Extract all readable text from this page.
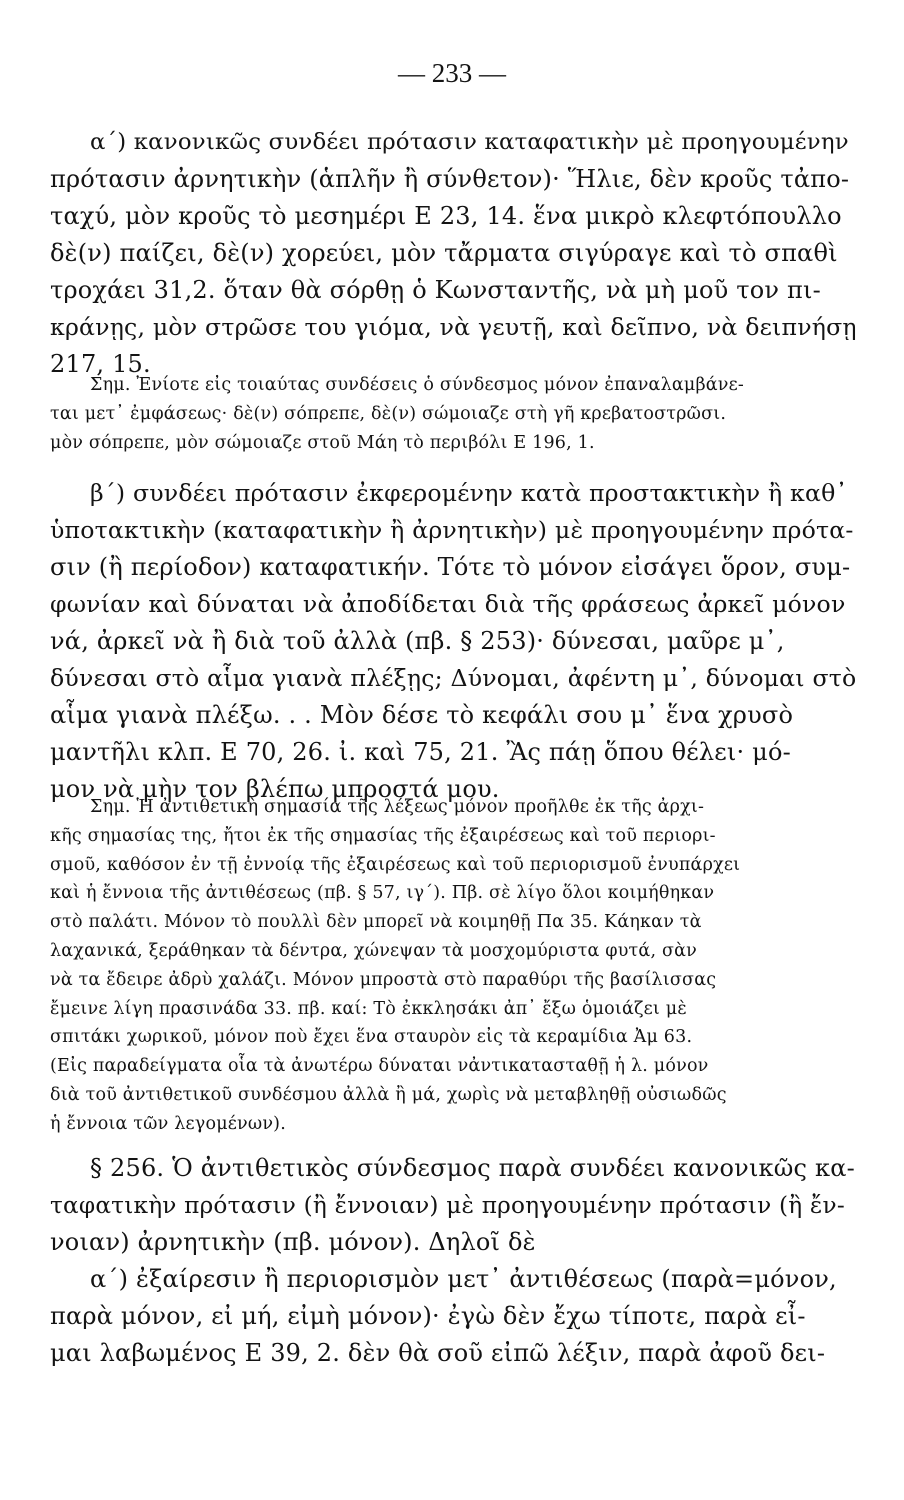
— 233 —
α΄) κανονικῶς συνδέει πρότασιν καταφατικὴν μὲ προηγουμένην
πρότασιν ἀρνητικὴν (ἁπλῆν ἢ σύνθετον)· Ἥλιε, δὲν κροῦς τἀπο-
ταχύ, μὸν κροῦς τὸ μεσημέρι Ε 23, 14. ἕνα μικρὸ κλεφτόπουλλο
δὲ(ν) παίζει, δὲ(ν) χορεύει, μὸν τἄρματα σιγύραγε καὶ τὸ σπαθὶ
τροχάει 31,2. ὅταν θὰ σόρθῃ ὁ Κωνσταντῆς, νὰ μὴ μοῦ τον πι-
κράνῃς, μὸν στρῶσε του γιόμα, νὰ γευτῇ, καὶ δεῖπνο, νὰ δειπνήσῃ
217, 15.
Σημ. Ἐνίοτε εἰς τοιαύτας συνδέσεις ὁ σύνδεσμος μόνον ἐπαναλαμβάνε-
ται μετ᾿ ἐμφάσεως· δὲ(ν) σόπρεπε, δὲ(ν) σώμοιαζε στὴ γῆ κρεβατοστρῶσι.
μὸν σόπρεπε, μὸν σώμοιαζε στοῦ Μάη τὸ περιβόλι Ε 196, 1.
β΄) συνδέει πρότασιν ἐκφερομένην κατὰ προστακτικὴν ἢ καθ᾿
ὑποτακτικὴν (καταφατικὴν ἢ ἀρνητικὴν) μὲ προηγουμένην πρότα-
σιν (ἢ περίοδον) καταφατικήν. Τότε τὸ μόνον εἰσάγει ὅρον, συμ-
φωνίαν καὶ δύναται νὰ ἀποδίδεται διὰ τῆς φράσεως ἀρκεῖ μόνον
νά, ἀρκεῖ νὰ ἢ διὰ τοῦ ἀλλὰ (πβ. § 253)· δύνεσαι, μαῦρε μ᾿,
δύνεσαι στὸ αἷμα γιανὰ πλέξῃς; Δύνομαι, ἀφέντη μ᾿, δύνομαι στὸ
αἷμα γιανὰ πλέξω. . . Μὸν δέσε τὸ κεφάλι σου μ᾿ ἕνα χρυσὸ
μαντῆλι κλπ. Ε 70, 26. ἰ. καὶ 75, 21. Ἂς πάῃ ὅπου θέλει· μό-
μον νὰ μὴν τον βλέπω μπροστά μου.
Σημ. Ἡ ἀντιθετικὴ σημασία τῆς λέξεως μόνον προῆλθε ἐκ τῆς ἀρχι-
κῆς σημασίας της, ἤτοι ἐκ τῆς σημασίας τῆς ἐξαιρέσεως καὶ τοῦ περιορι-
σμοῦ, καθόσον ἐν τῇ ἐννοίᾳ τῆς ἐξαιρέσεως καὶ τοῦ περιορισμοῦ ἐνυπάρχει
καὶ ἡ ἔννοια τῆς ἀντιθέσεως (πβ. § 57, ιγ΄). Πβ. σὲ λίγο ὅλοι κοιμήθηκαν
στὸ παλάτι. Μόνον τὸ πουλλὶ δὲν μπορεῖ νὰ κοιμηθῇ Πα 35. Κάηκαν τὰ
λαχανικά, ξεράθηκαν τὰ δέντρα, χώνεψαν τὰ μοσχομύριστα φυτά, σὰν
νὰ τα ἔδειρε ἀδρὺ χαλάζι. Μόνον μπροστὰ στὸ παραθύρι τῆς βασίλισσας
ἔμεινε λίγη πρασινάδα 33. πβ. καί: Τὸ ἐκκλησάκι ἀπ᾿ ἔξω ὁμοιάζει μὲ
σπιτάκι χωρικοῦ, μόνον ποὺ ἔχει ἕνα σταυρὸν εἰς τὰ κεραμίδια Ἀμ 63.
(Εἰς παραδείγματα οἷα τὰ ἀνωτέρω δύναται νἀντικατασταθῇ ἡ λ. μόνον
διὰ τοῦ ἀντιθετικοῦ συνδέσμου ἀλλὰ ἢ μά, χωρὶς νὰ μεταβληθῇ οὐσιωδῶς
ἡ ἔννοια τῶν λεγομένων).
§ 256. Ὁ ἀντιθετικὸς σύνδεσμος παρὰ συνδέει κανονικῶς κα-
ταφατικὴν πρότασιν (ἢ ἔννοιαν) μὲ προηγουμένην πρότασιν (ἢ ἔν-
νοιαν) ἀρνητικὴν (πβ. μόνον). Δηλοῖ δὲ
α΄) ἐξαίρεσιν ἢ περιορισμὸν μετ᾿ ἀντιθέσεως (παρὰ=μόνον,
παρὰ μόνον, εἰ μή, εἰμὴ μόνον)· ἐγὼ δὲν ἔχω τίποτε, παρὰ εἶ-
μαι λαβωμένος Ε 39, 2. δὲν θὰ σοῦ εἰπῶ λέξιν, παρὰ ἀφοῦ δει-
